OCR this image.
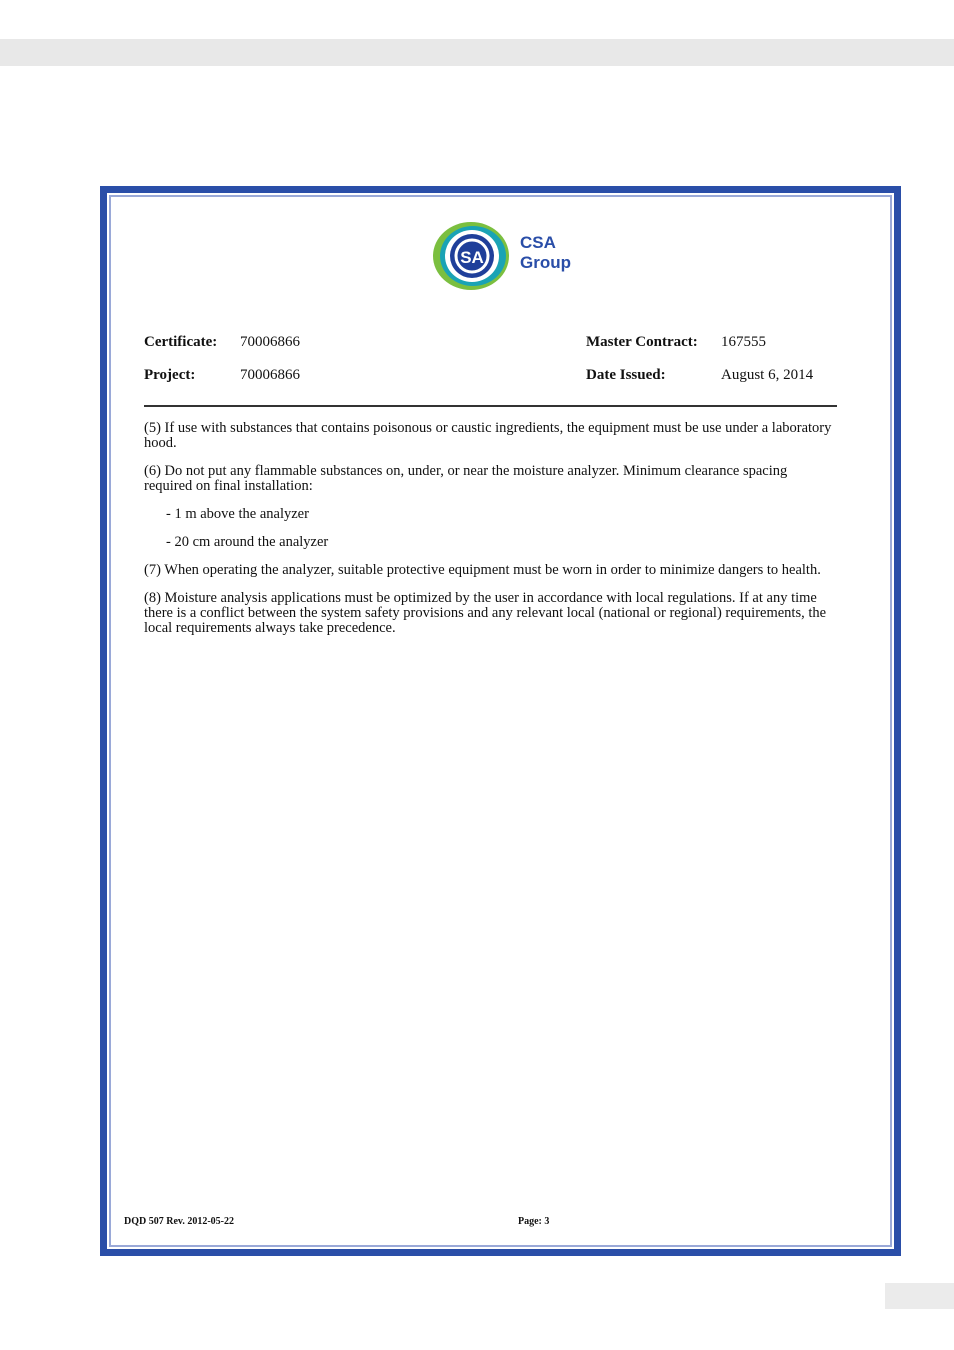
SA
CSA
Group
Certificate: 70006866
Project:	70006866
Master Contract: 167555
Date Issued:	August 6, 2014

(5) If use with substances that contains poisonous or caustic ingredients, the equipment must be use under a laboratory hood.

(6) Do not put any flammable substances on, under, or near the moisture analyzer. Minimum clearance spacing required on final installation:

- 1 m above the analyzer

- 20 cm around the analyzer

(7) When operating the analyzer, suitable protective equipment must be worn in order to minimize dangers to health.

(8) Moisture analysis applications must be optimized by the user in accordance with local regulations. If at any time there is a conflict between the system safety provisions and any relevant local (national or regional) requirements, the local requirements always take precedence.

DQD 507 Rev. 2012-05-22	Page: 3
